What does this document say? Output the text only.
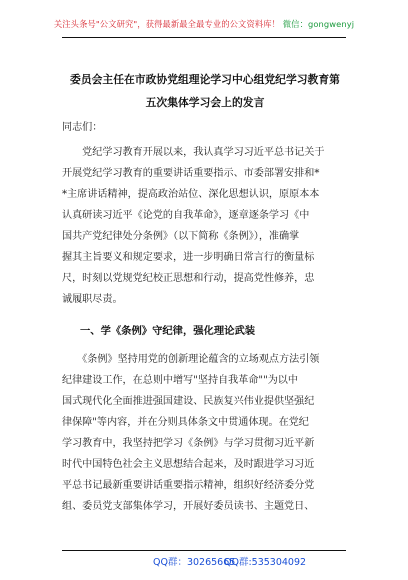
关注头条号"公文研究"，获得最新最全最专业的公文资料库！ 微信：gongwenyj
委员会主任在市政协党组理论学习中心组党纪学习教育第
五次集体学习会上的发言
同志们：
　　党纪学习教育开展以来，我认真学习习近平总书记关于
开展党纪学习教育的重要讲话重要指示、市委部署安排和*
*主席讲话精神，提高政治站位、深化思想认识，原原本本
认真研读习近平《论党的自我革命》，逐章逐条学习《中
国共产党纪律处分条例》（以下简称《条例》），准确掌
握其主旨要义和规定要求，进一步明确日常言行的衡量标
尺，时刻以党规党纪校正思想和行动，提高党性修养，忠
诚履职尽责。
一、学《条例》守纪律，强化理论武装
　　《条例》坚持用党的创新理论蕴含的立场观点方法引领
纪律建设工作，在总则中增写"坚持自我革命""为以中
国式现代化全面推进强国建设、民族复兴伟业提供坚强纪
律保障"等内容，并在分则具体条文中贯通体现。在党纪
学习教育中，我坚持把学习《条例》与学习贯彻习近平新
时代中国特色社会主义思想结合起来，及时跟进学习习近
平总书记最新重要讲话重要指示精神，组织好经济委分党
组、委员党支部集体学习，开展好委员读书、主题党日、
QQ群：30265665
QQ群:535304092
